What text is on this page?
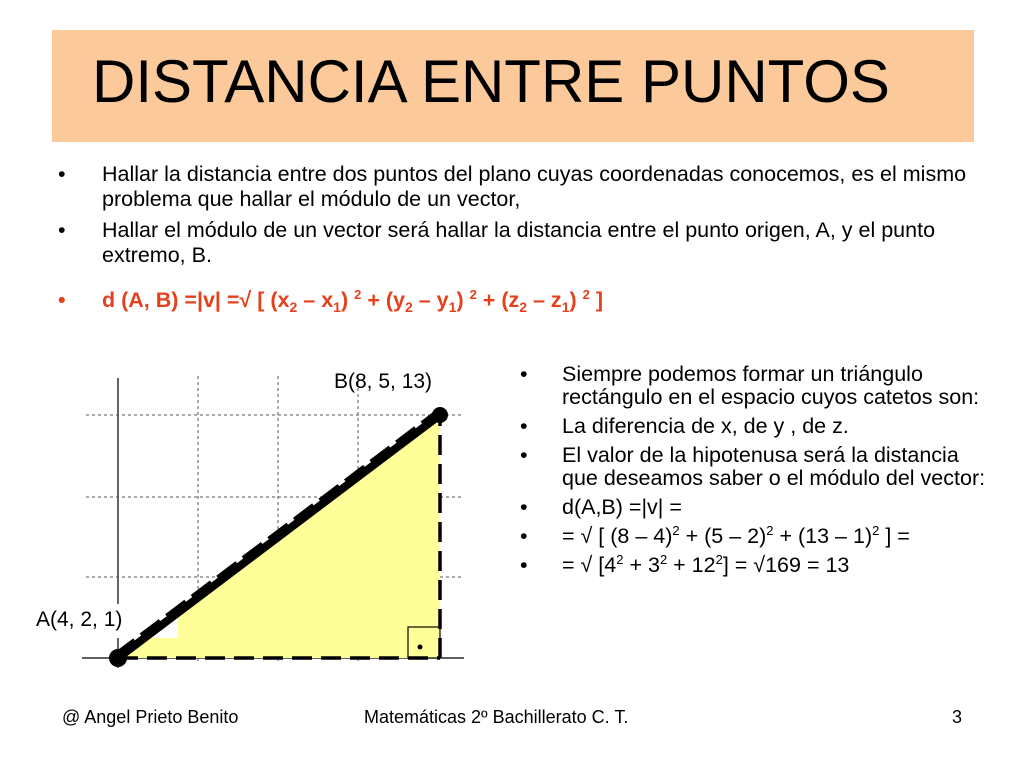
DISTANCIA ENTRE PUNTOS
• Hallar la distancia entre dos puntos del plano cuyas coordenadas conocemos, es el mismo problema que hallar el módulo de un vector,
• Hallar el módulo de un vector será hallar la distancia entre el punto origen, A, y el punto extremo, B.
• d (A, B) =|v| =√ [ $(x_2 - x_1) ^2 + (y_2 - y_1) ^2 + (z_2 - z_1)$ $^2$ ]
B(8, 5, 13)
A(4, 2, 1)
• Siempre podemos formar un triángulo rectángulo en el espacio cuyos catetos son:
• La diferencia de x, de y , de z.
• El valor de la hipotenusa será la distancia que deseamos saber o el módulo del vector:
• d(A,B) =|v| =
• = √ [ (8 – 4)$^2$ + (5 – 2)$^2$ + (13 – 1)$^2$ ] =
• = √ $[4^2 + 3^2 + 12^2] = √169 = 13$
@ Angel Prieto Benito	Matemáticas 2º Bachillerato C. T.	3
